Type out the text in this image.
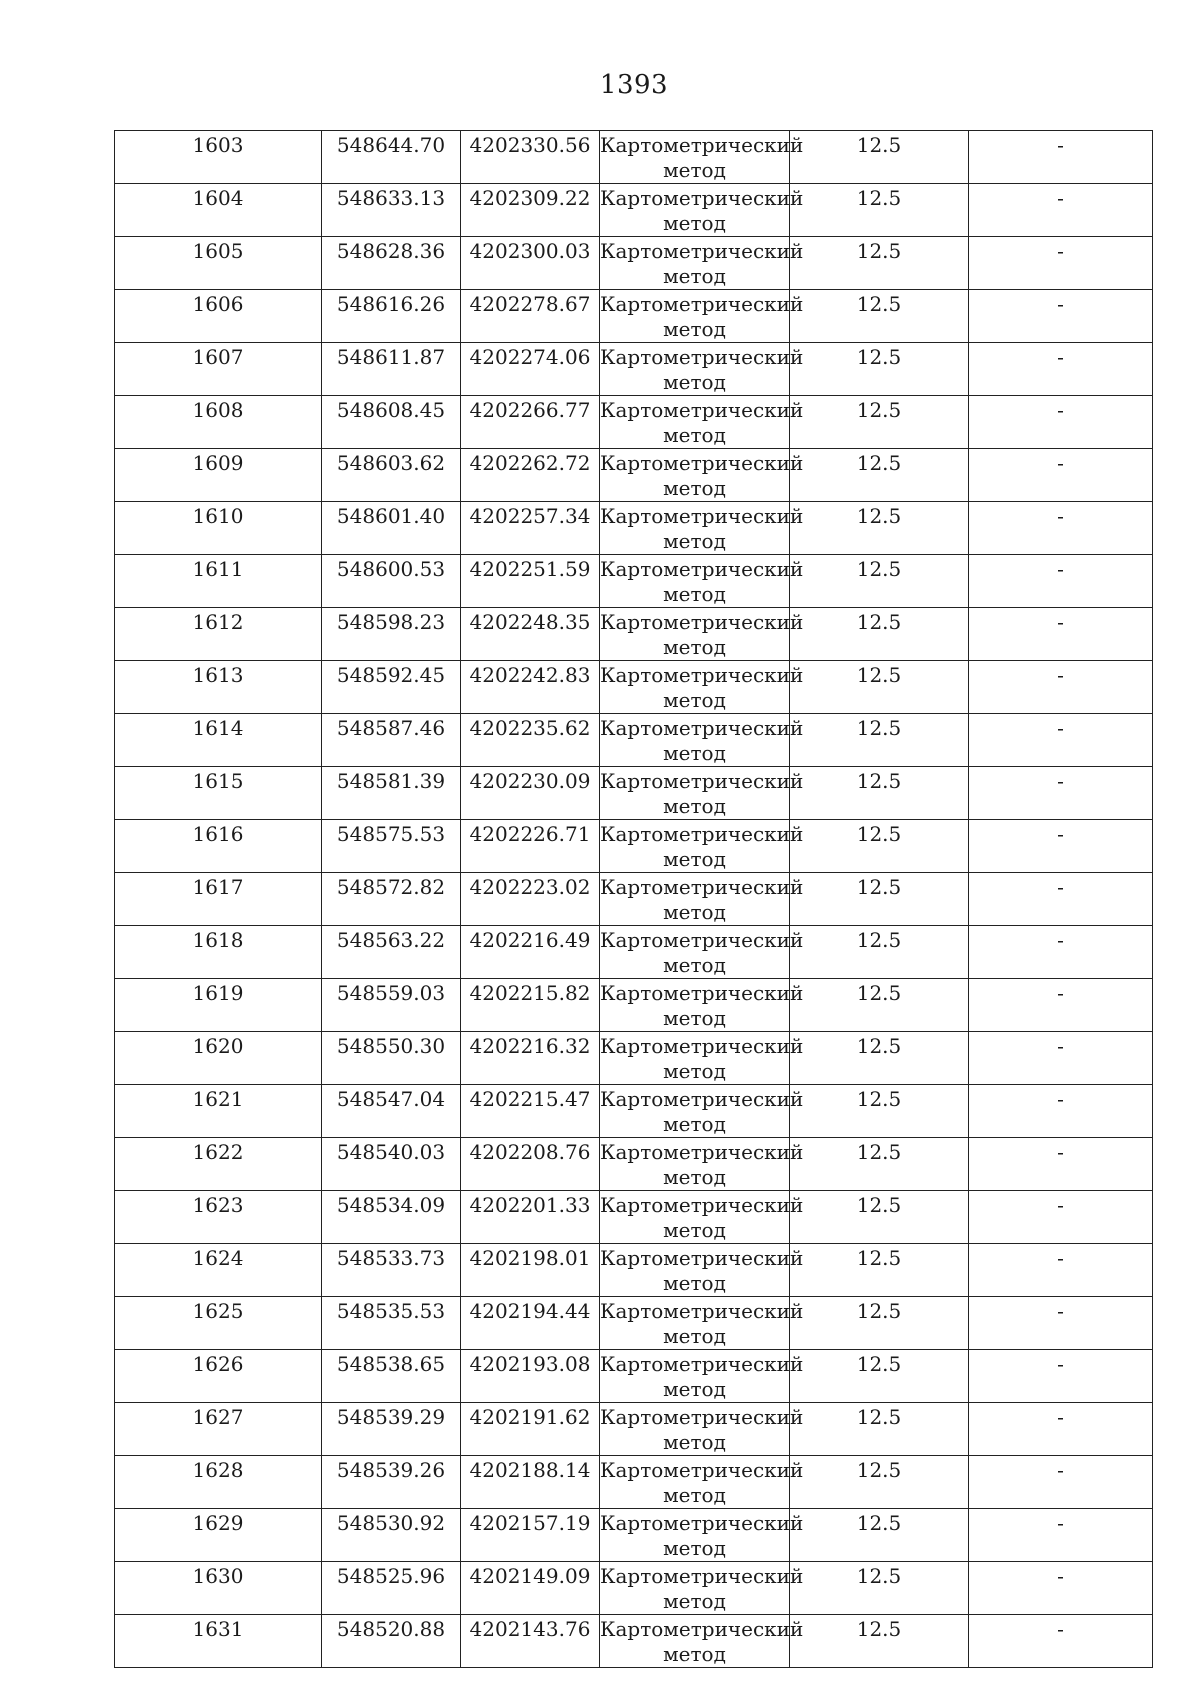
1393
1603	548644.70	4202330.56	Картометрический метод	12.5	-

1604	548633.13	4202309.22	Картометрический метод	12.5	-

1605	548628.36	4202300.03	Картометрический метод	12.5	-

1606	548616.26	4202278.67	Картометрический метод	12.5	-

1607	548611.87	4202274.06	Картометрический метод	12.5	-

1608	548608.45	4202266.77	Картометрический метод	12.5	-

1609	548603.62	4202262.72	Картометрический метод	12.5	-

1610	548601.40	4202257.34	Картометрический метод	12.5	-

1611	548600.53	4202251.59	Картометрический метод	12.5	-

1612	548598.23	4202248.35	Картометрический метод	12.5	-

1613	548592.45	4202242.83	Картометрический метод	12.5	-

1614	548587.46	4202235.62	Картометрический метод	12.5	-

1615	548581.39	4202230.09	Картометрический метод	12.5	-

1616	548575.53	4202226.71	Картометрический метод	12.5	-

1617	548572.82	4202223.02	Картометрический метод	12.5	-

1618	548563.22	4202216.49	Картометрический метод	12.5	-

1619	548559.03	4202215.82	Картометрический метод	12.5	-

1620	548550.30	4202216.32	Картометрический метод	12.5	-

1621	548547.04	4202215.47	Картометрический метод	12.5	-

1622	548540.03	4202208.76	Картометрический метод	12.5	-

1623	548534.09	4202201.33	Картометрический метод	12.5	-

1624	548533.73	4202198.01	Картометрический метод	12.5	-

1625	548535.53	4202194.44	Картометрический метод	12.5	-

1626	548538.65	4202193.08	Картометрический метод	12.5	-

1627	548539.29	4202191.62	Картометрический метод	12.5	-

1628	548539.26	4202188.14	Картометрический метод	12.5	-

1629	548530.92	4202157.19	Картометрический метод	12.5	-

1630	548525.96	4202149.09	Картометрический метод	12.5	-

1631	548520.88	4202143.76	Картометрический метод	12.5	-
